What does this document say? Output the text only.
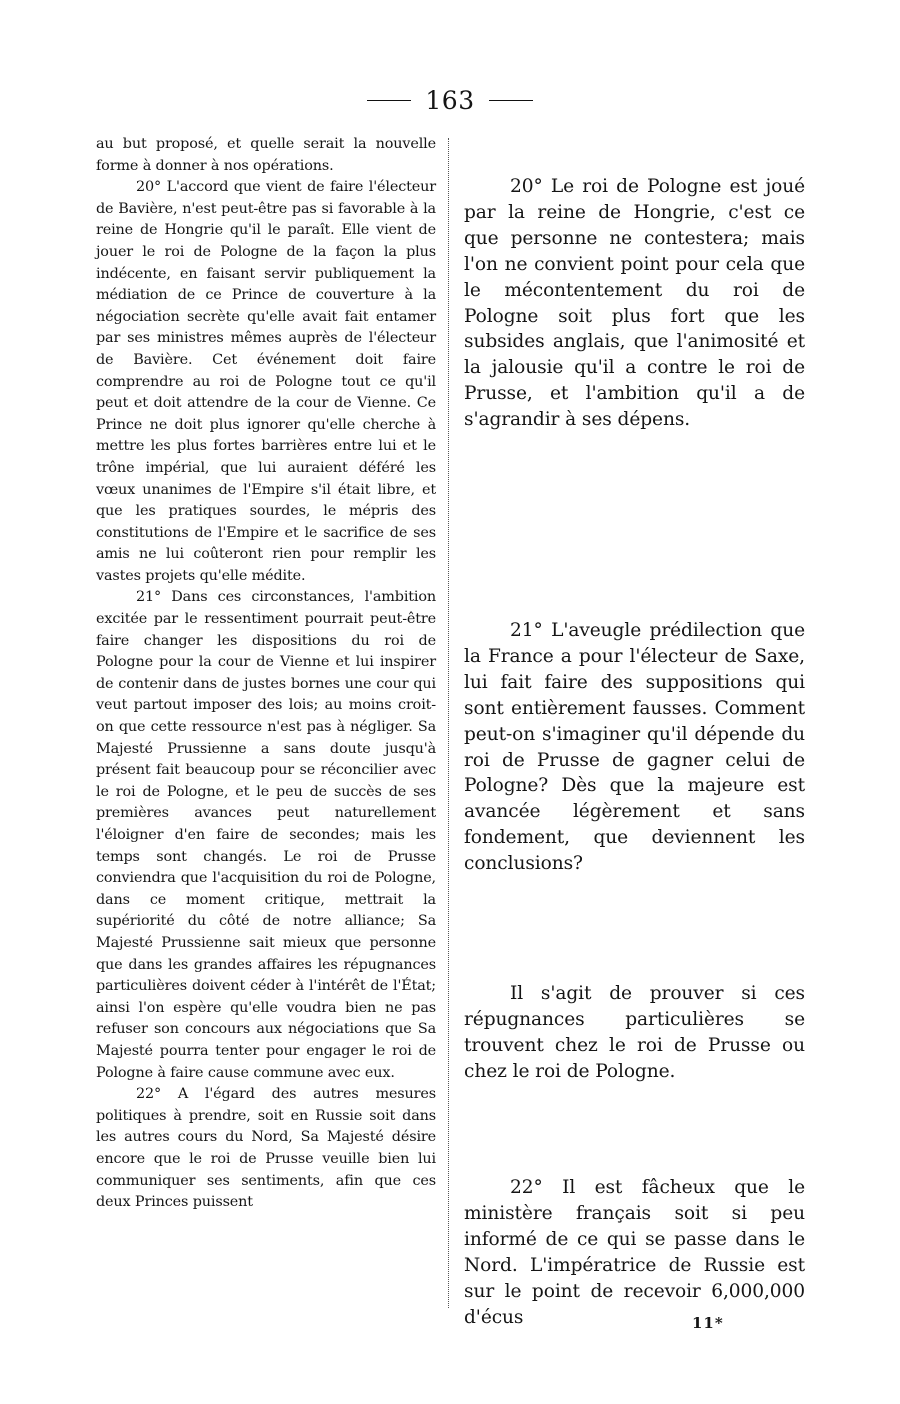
163

au but proposé, et quelle serait la nouvelle forme à donner à nos opérations.

20° L'accord que vient de faire l'électeur de Bavière, n'est peut-être pas si favorable à la reine de Hongrie qu'il le paraît. Elle vient de jouer le roi de Pologne de la façon la plus indécente, en faisant servir publiquement la médiation de ce Prince de couverture à la négociation secrète qu'elle avait fait entamer par ses ministres mêmes auprès de l'électeur de Bavière. Cet événement doit faire comprendre au roi de Pologne tout ce qu'il peut et doit attendre de la cour de Vienne. Ce Prince ne doit plus ignorer qu'elle cherche à mettre les plus fortes barrières entre lui et le trône impérial, que lui auraient déféré les vœux unanimes de l'Empire s'il était libre, et que les pratiques sourdes, le mépris des constitutions de l'Empire et le sacrifice de ses amis ne lui coûteront rien pour remplir les vastes projets qu'elle médite.

21° Dans ces circonstances, l'ambition excitée par le ressentiment pourrait peut-être faire changer les dispositions du roi de Pologne pour la cour de Vienne et lui inspirer de contenir dans de justes bornes une cour qui veut partout imposer des lois; au moins croit-on que cette ressource n'est pas à négliger. Sa Majesté Prussienne a sans doute jusqu'à présent fait beaucoup pour se réconcilier avec le roi de Pologne, et le peu de succès de ses premières avances peut naturellement l'éloigner d'en faire de secondes; mais les temps sont changés. Le roi de Prusse conviendra que l'acquisition du roi de Pologne, dans ce moment critique, mettrait la supériorité du côté de notre alliance; Sa Majesté Prussienne sait mieux que personne que dans les grandes affaires les répugnances particulières doivent céder à l'intérêt de l'État; ainsi l'on espère qu'elle voudra bien ne pas refuser son concours aux négociations que Sa Majesté pourra tenter pour engager le roi de Pologne à faire cause commune avec eux.

22° A l'égard des autres mesures politiques à prendre, soit en Russie soit dans les autres cours du Nord, Sa Majesté désire encore que le roi de Prusse veuille bien lui communiquer ses sentiments, afin que ces deux Princes puissent

20° Le roi de Pologne est joué par la reine de Hongrie, c'est ce que personne ne contestera; mais l'on ne convient point pour cela que le mécontentement du roi de Pologne soit plus fort que les subsides anglais, que l'animosité et la jalousie qu'il a contre le roi de Prusse, et l'ambition qu'il a de s'agrandir à ses dépens.

21° L'aveugle prédilection que la France a pour l'électeur de Saxe, lui fait faire des suppositions qui sont entièrement fausses. Comment peut-on s'imaginer qu'il dépende du roi de Prusse de gagner celui de Pologne? Dès que la majeure est avancée légèrement et sans fondement, que deviennent les conclusions?

Il s'agit de prouver si ces répugnances particulières se trouvent chez le roi de Prusse ou chez le roi de Pologne.

22° Il est fâcheux que le ministère français soit si peu informé de ce qui se passe dans le Nord. L'impératrice de Russie est sur le point de recevoir 6,000,000 d'écus	11*
